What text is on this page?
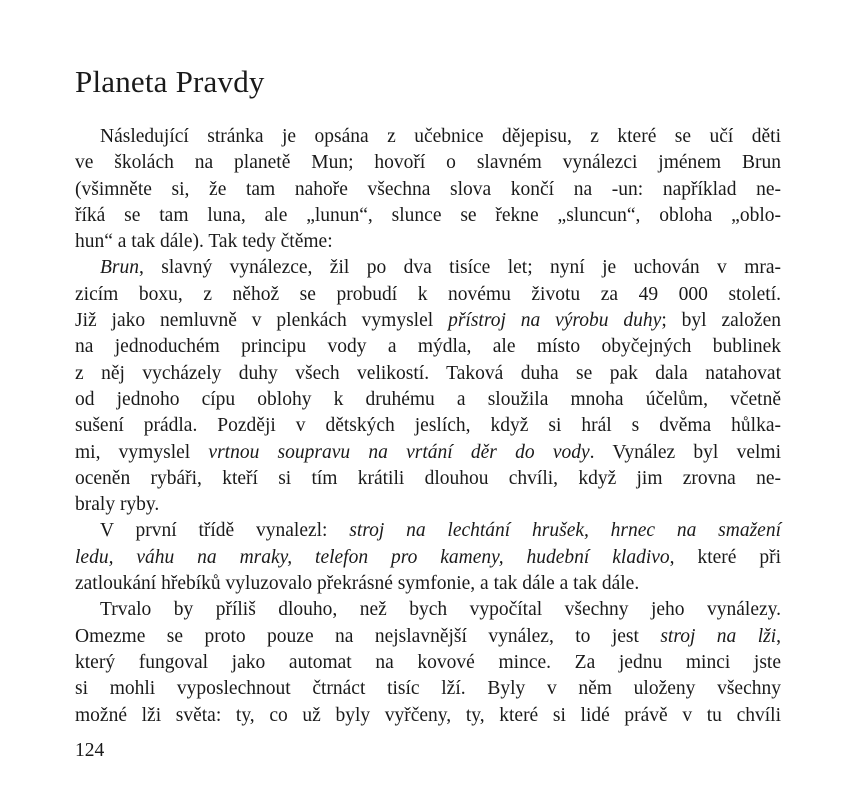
Planeta Pravdy
Následující stránka je opsána z učebnice dějepisu, z které se učí děti
ve školách na planetě Mun; hovoří o slavném vynálezci jménem Brun
(všimněte si, že tam nahoře všechna slova končí na -un: například ne-
říká se tam luna, ale „lunun“, slunce se řekne „sluncun“, obloha „oblo-
hun“ a tak dále). Tak tedy čtěme:
Brun, slavný vynálezce, žil po dva tisíce let; nyní je uchován v mra-
zicím boxu, z něhož se probudí k novému životu za 49 000 století.
Již jako nemluvně v plenkách vymyslel přístroj na výrobu duhy; byl založen
na jednoduchém principu vody a mýdla, ale místo obyčejných bublinek
z něj vycházely duhy všech velikostí. Taková duha se pak dala natahovat
od jednoho cípu oblohy k druhému a sloužila mnoha účelům, včetně
sušení prádla. Později v dětských jeslích, když si hrál s dvěma hůlka-
mi, vymyslel vrtnou soupravu na vrtání děr do vody. Vynález byl velmi
oceněn rybáři, kteří si tím krátili dlouhou chvíli, když jim zrovna ne-
braly ryby.
V první třídě vynalezl: stroj na lechtání hrušek, hrnec na smažení
ledu, váhu na mraky, telefon pro kameny, hudební kladivo, které při
zatloukání hřebíků vyluzovalo překrásné symfonie, a tak dále a tak dále.
Trvalo by příliš dlouho, než bych vypočítal všechny jeho vynálezy.
Omezme se proto pouze na nejslavnější vynález, to jest stroj na lži,
který fungoval jako automat na kovové mince. Za jednu minci jste
si mohli vyposlechnout čtrnáct tisíc lží. Byly v něm uloženy všechny
možné lži světa: ty, co už byly vyřčeny, ty, které si lidé právě v tu chvíli
124
